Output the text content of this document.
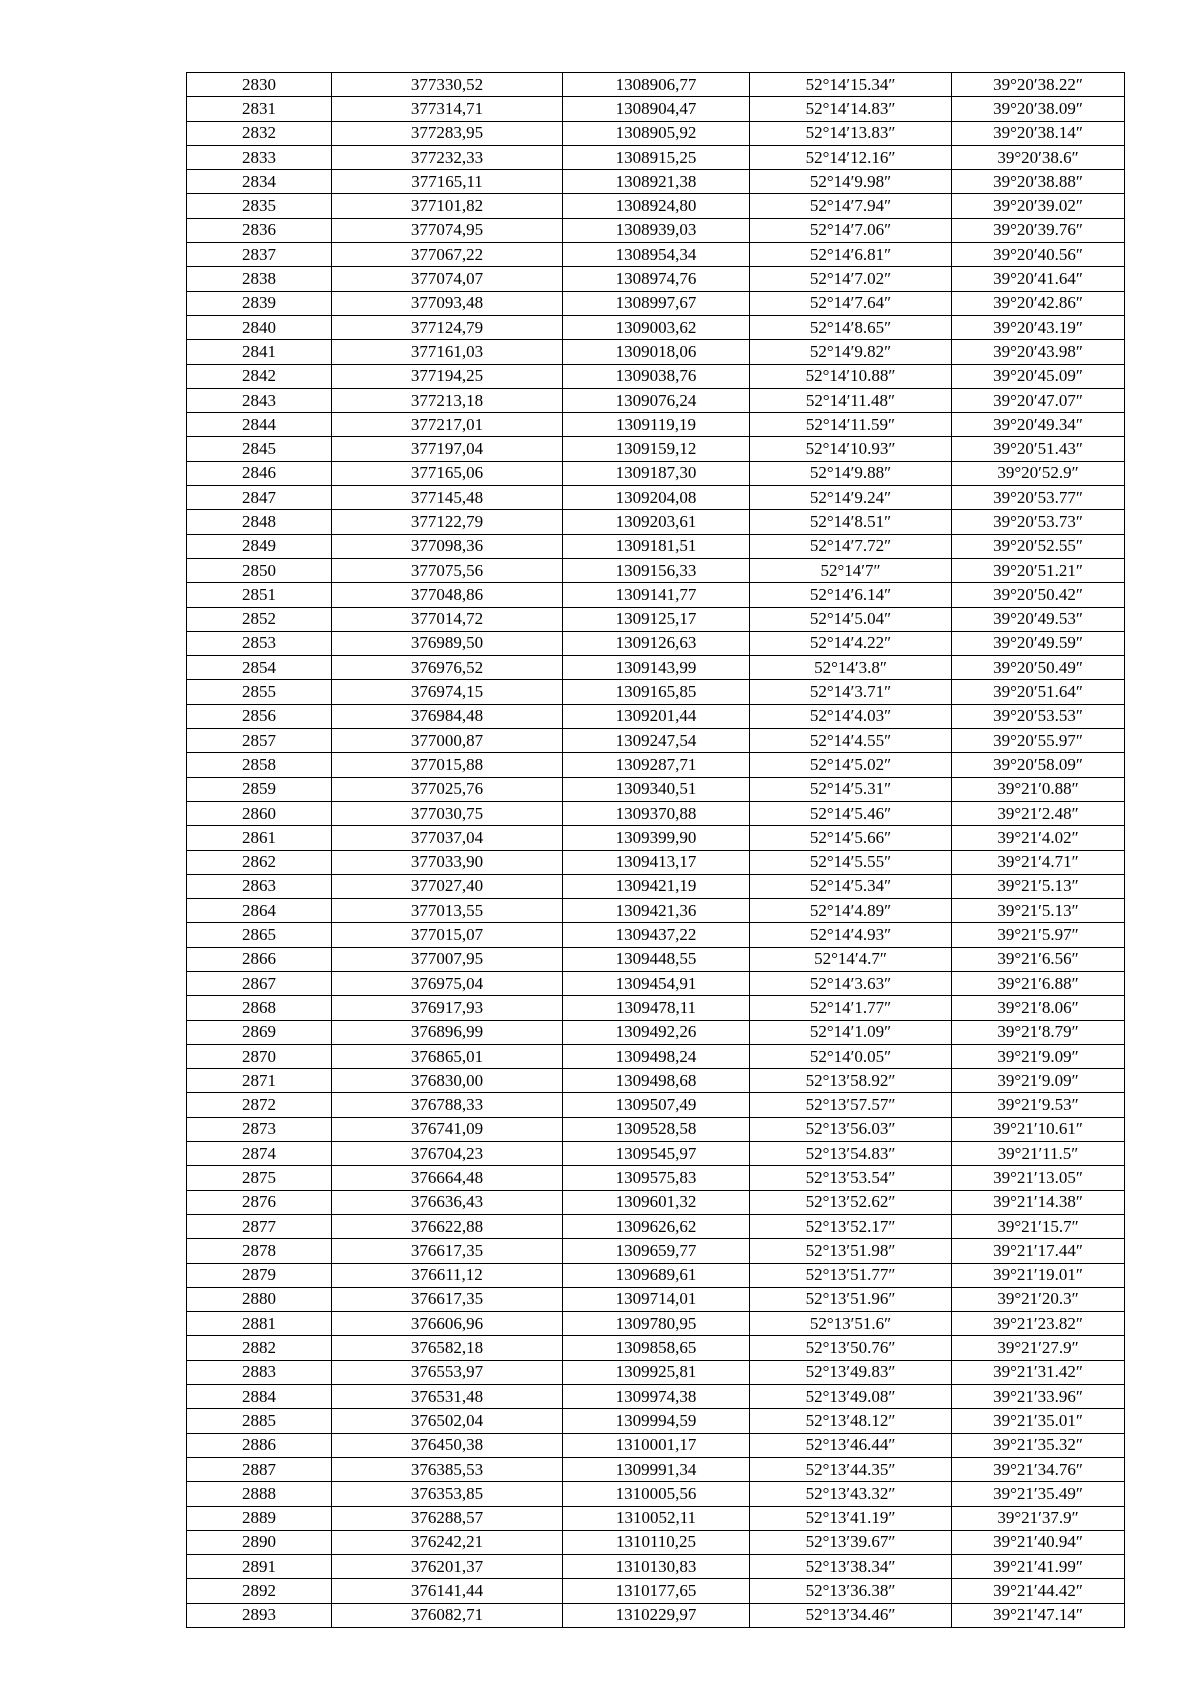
2830	377330,52	1308906,77	52°14′15.34″	39°20′38.22″
2831	377314,71	1308904,47	52°14′14.83″	39°20′38.09″
2832	377283,95	1308905,92	52°14′13.83″	39°20′38.14″
2833	377232,33	1308915,25	52°14′12.16″	39°20′38.6″
2834	377165,11	1308921,38	52°14′9.98″	39°20′38.88″
2835	377101,82	1308924,80	52°14′7.94″	39°20′39.02″
2836	377074,95	1308939,03	52°14′7.06″	39°20′39.76″
2837	377067,22	1308954,34	52°14′6.81″	39°20′40.56″
2838	377074,07	1308974,76	52°14′7.02″	39°20′41.64″
2839	377093,48	1308997,67	52°14′7.64″	39°20′42.86″
2840	377124,79	1309003,62	52°14′8.65″	39°20′43.19″
2841	377161,03	1309018,06	52°14′9.82″	39°20′43.98″
2842	377194,25	1309038,76	52°14′10.88″	39°20′45.09″
2843	377213,18	1309076,24	52°14′11.48″	39°20′47.07″
2844	377217,01	1309119,19	52°14′11.59″	39°20′49.34″
2845	377197,04	1309159,12	52°14′10.93″	39°20′51.43″
2846	377165,06	1309187,30	52°14′9.88″	39°20′52.9″
2847	377145,48	1309204,08	52°14′9.24″	39°20′53.77″
2848	377122,79	1309203,61	52°14′8.51″	39°20′53.73″
2849	377098,36	1309181,51	52°14′7.72″	39°20′52.55″
2850	377075,56	1309156,33	52°14′7″	39°20′51.21″
2851	377048,86	1309141,77	52°14′6.14″	39°20′50.42″
2852	377014,72	1309125,17	52°14′5.04″	39°20′49.53″
2853	376989,50	1309126,63	52°14′4.22″	39°20′49.59″
2854	376976,52	1309143,99	52°14′3.8″	39°20′50.49″
2855	376974,15	1309165,85	52°14′3.71″	39°20′51.64″
2856	376984,48	1309201,44	52°14′4.03″	39°20′53.53″
2857	377000,87	1309247,54	52°14′4.55″	39°20′55.97″
2858	377015,88	1309287,71	52°14′5.02″	39°20′58.09″
2859	377025,76	1309340,51	52°14′5.31″	39°21′0.88″
2860	377030,75	1309370,88	52°14′5.46″	39°21′2.48″
2861	377037,04	1309399,90	52°14′5.66″	39°21′4.02″
2862	377033,90	1309413,17	52°14′5.55″	39°21′4.71″
2863	377027,40	1309421,19	52°14′5.34″	39°21′5.13″
2864	377013,55	1309421,36	52°14′4.89″	39°21′5.13″
2865	377015,07	1309437,22	52°14′4.93″	39°21′5.97″
2866	377007,95	1309448,55	52°14′4.7″	39°21′6.56″
2867	376975,04	1309454,91	52°14′3.63″	39°21′6.88″
2868	376917,93	1309478,11	52°14′1.77″	39°21′8.06″
2869	376896,99	1309492,26	52°14′1.09″	39°21′8.79″
2870	376865,01	1309498,24	52°14′0.05″	39°21′9.09″
2871	376830,00	1309498,68	52°13′58.92″	39°21′9.09″
2872	376788,33	1309507,49	52°13′57.57″	39°21′9.53″
2873	376741,09	1309528,58	52°13′56.03″	39°21′10.61″
2874	376704,23	1309545,97	52°13′54.83″	39°21′11.5″
2875	376664,48	1309575,83	52°13′53.54″	39°21′13.05″
2876	376636,43	1309601,32	52°13′52.62″	39°21′14.38″
2877	376622,88	1309626,62	52°13′52.17″	39°21′15.7″
2878	376617,35	1309659,77	52°13′51.98″	39°21′17.44″
2879	376611,12	1309689,61	52°13′51.77″	39°21′19.01″
2880	376617,35	1309714,01	52°13′51.96″	39°21′20.3″
2881	376606,96	1309780,95	52°13′51.6″	39°21′23.82″
2882	376582,18	1309858,65	52°13′50.76″	39°21′27.9″
2883	376553,97	1309925,81	52°13′49.83″	39°21′31.42″
2884	376531,48	1309974,38	52°13′49.08″	39°21′33.96″
2885	376502,04	1309994,59	52°13′48.12″	39°21′35.01″
2886	376450,38	1310001,17	52°13′46.44″	39°21′35.32″
2887	376385,53	1309991,34	52°13′44.35″	39°21′34.76″
2888	376353,85	1310005,56	52°13′43.32″	39°21′35.49″
2889	376288,57	1310052,11	52°13′41.19″	39°21′37.9″
2890	376242,21	1310110,25	52°13′39.67″	39°21′40.94″
2891	376201,37	1310130,83	52°13′38.34″	39°21′41.99″
2892	376141,44	1310177,65	52°13′36.38″	39°21′44.42″
2893	376082,71	1310229,97	52°13′34.46″	39°21′47.14″
